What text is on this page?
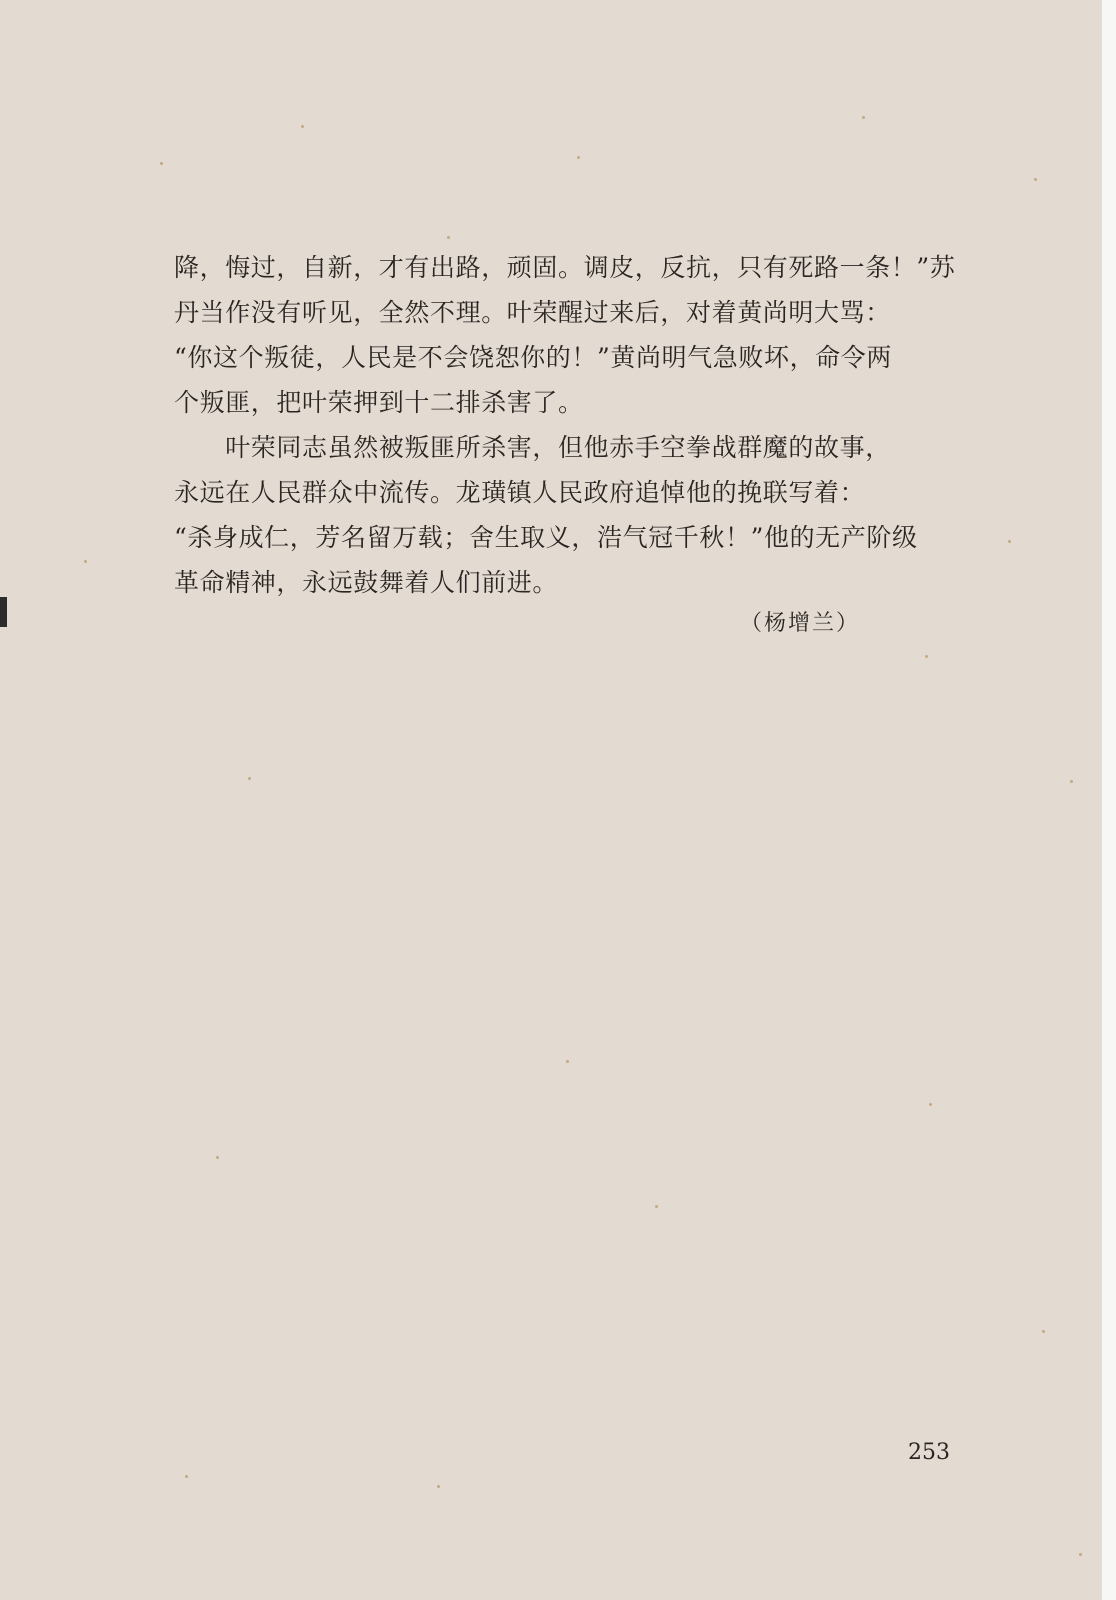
降，悔过，自新，才有出路，顽固。调皮，反抗，只有死路一条！”苏
丹当作没有听见，全然不理。叶荣醒过来后，对着黄尚明大骂：
“你这个叛徒，人民是不会饶恕你的！”黄尚明气急败坏，命令两
个叛匪，把叶荣押到十二排杀害了。
　　叶荣同志虽然被叛匪所杀害，但他赤手空拳战群魔的故事，
永远在人民群众中流传。龙璜镇人民政府追悼他的挽联写着：
“杀身成仁，芳名留万载；舍生取义，浩气冠千秋！”他的无产阶级
革命精神，永远鼓舞着人们前进。
（杨增兰）
253
